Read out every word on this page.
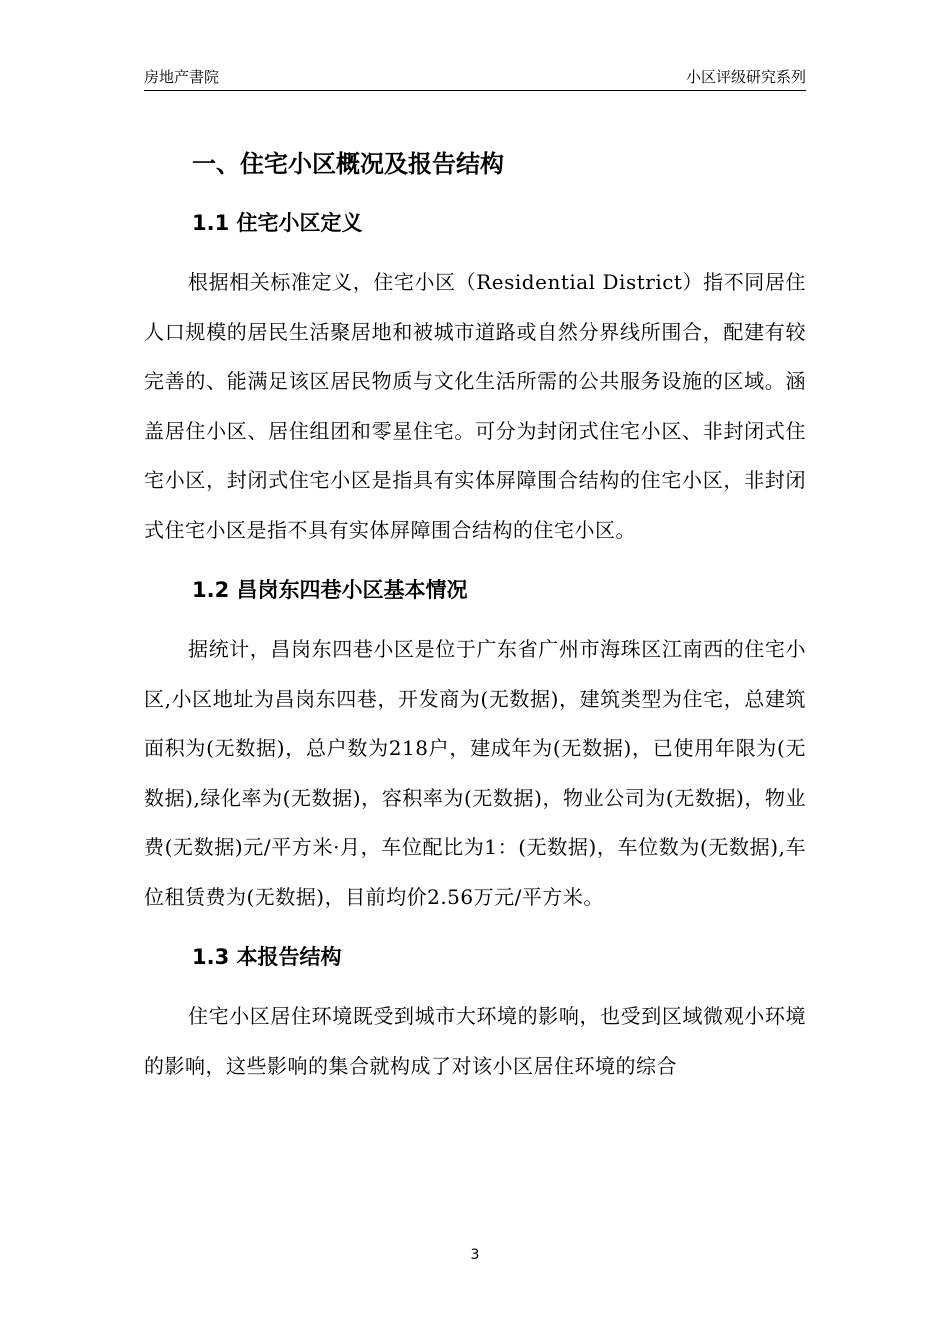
房地产書院	小区评级研究系列
一、住宅小区概况及报告结构
1.1 住宅小区定义

根据相关标准定义，住宅小区（Residential District）指不同居住人口规模的居民生活聚居地和被城市道路或自然分界线所围合，配建有较完善的、能满足该区居民物质与文化生活所需的公共服务设施的区域。涵盖居住小区、居住组团和零星住宅。可分为封闭式住宅小区、非封闭式住宅小区，封闭式住宅小区是指具有实体屏障围合结构的住宅小区，非封闭式住宅小区是指不具有实体屏障围合结构的住宅小区。

1.2 昌岗东四巷小区基本情况

据统计，昌岗东四巷小区是位于广东省广州市海珠区江南西的住宅小区,小区地址为昌岗东四巷，开发商为(无数据)，建筑类型为住宅，总建筑面积为(无数据)，总户数为218户，建成年为(无数据)，已使用年限为(无数据),绿化率为(无数据)，容积率为(无数据)，物业公司为(无数据)，物业费(无数据)元/平方米·月，车位配比为1：(无数据)，车位数为(无数据),车位租赁费为(无数据)，目前均价2.56万元/平方米。

1.3 本报告结构

住宅小区居住环境既受到城市大环境的影响，也受到区域微观小环境的影响，这些影响的集合就构成了对该小区居住环境的综合

3
